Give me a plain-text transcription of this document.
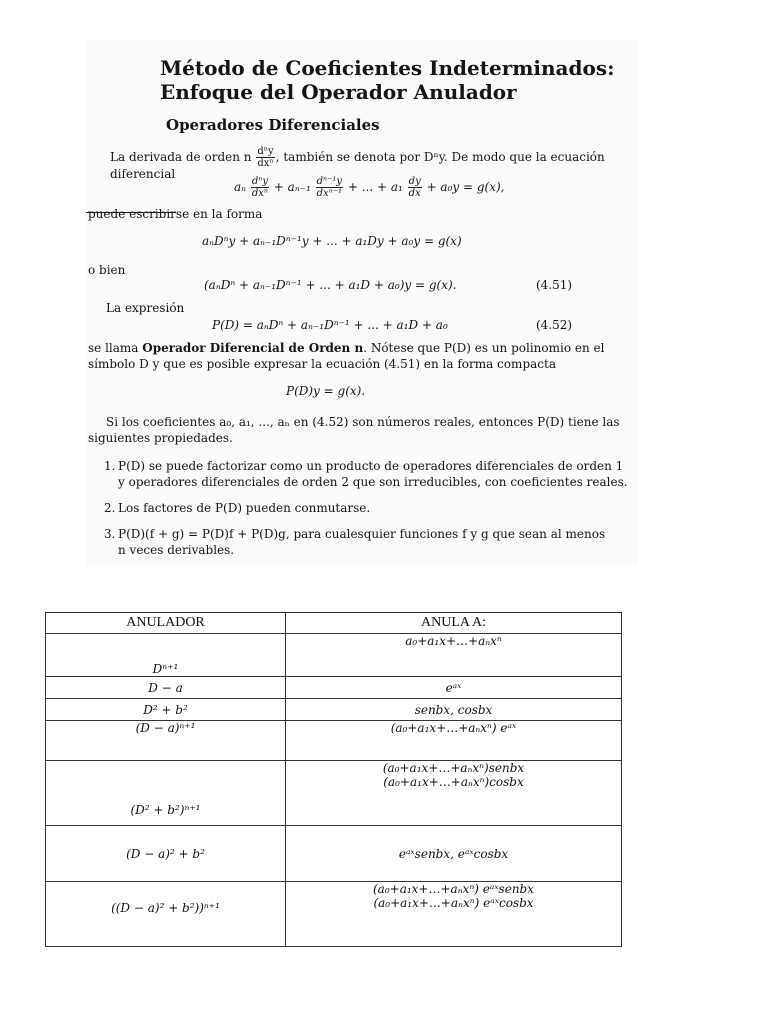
Método de Coeficientes Indeterminados: Enfoque del Operador Anulador
Operadores Diferenciales
La derivada de orden n $\frac{\text{dⁿy}}{\text{dxⁿ}}$ , también se denota por Dⁿy. De modo que la ecuación
diferencial
aₙ $\frac{\text{dⁿy}}{\text{dxⁿ}} + a_{n-1} \frac{\text{dⁿ⁻¹y}}{\text{dxⁿ⁻¹}}$ + ... + $a_1 \frac{dy}{dx} + a_0y = g(x)$,
puede escribirse en la forma
aₙDⁿy + aₙ₋₁Dⁿ⁻¹y + ... + a₁Dy + a₀y = g(x)
o bien
(aₙDⁿ + aₙ₋₁Dⁿ⁻¹ + ... + a₁D + a₀)y = g(x).	(4.51)
La expresión
P(D) = aₙDⁿ + aₙ₋₁Dⁿ⁻¹ + ... + a₁D + a₀	(4.52)
se llama Operador Diferencial de Orden n. Nótese que P(D) es un polinomio en el
símbolo D y que es posible expresar la ecuación (4.51) en la forma compacta
P(D)y = g(x).
Si los coeficientes a₀, a₁, ..., aₙ en (4.52) son números reales, entonces P(D) tiene las
siguientes propiedades.
1. P(D) se puede factorizar como un producto de operadores diferenciales de orden 1
y operadores diferenciales de orden 2 que son irreducibles, con coeficientes reales.
2. Los factores de P(D) pueden conmutarse.
3. P(D)(f + g) = P(D)f + P(D)g, para cualesquier funciones f y g que sean al menos
n veces derivables.
ANULADOR	ANULA A:
Dⁿ⁺¹	a₀+a₁x+…+aₙxⁿ
D − a	eᵃˣ
D² + b²	senbx, cosbx
(D − a)ⁿ⁺¹	(a₀+a₁x+…+aₙxⁿ) eᵃˣ
(D² + b²)ⁿ⁺¹	(a₀+a₁x+…+aₙxⁿ)senbx
(a₀+a₁x+…+aₙxⁿ)cosbx

(D − a)² + b²	eᵃˣsenbx, eᵃˣcosbx
((D − a)² + b²))ⁿ⁺¹	(a₀+a₁x+…+aₙxⁿ) eᵃˣsenbx
(a₀+a₁x+…+aₙxⁿ) eᵃˣcosbx
